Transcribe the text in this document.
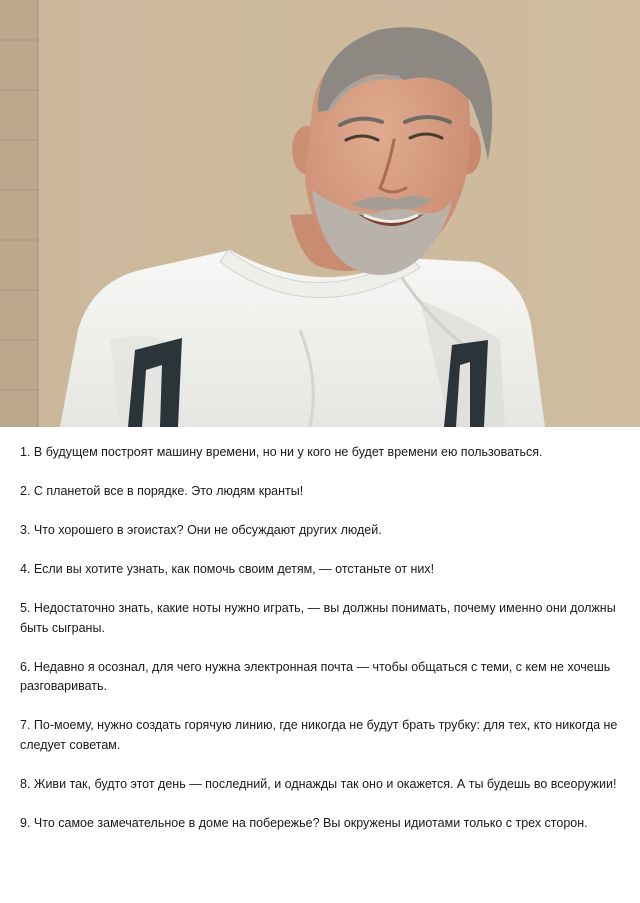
1. В будущем построят машину времени, но ни у кого не будет времени ею пользоваться.
2. С планетой все в порядке. Это людям кранты!
3. Что хорошего в эгоистах? Они не обсуждают других людей.
4. Если вы хотите узнать, как помочь своим детям, — отстаньте от них!
5. Недостаточно знать, какие ноты нужно играть, — вы должны понимать, почему именно они должны быть сыграны.
6. Недавно я осознал, для чего нужна электронная почта — чтобы общаться с теми, с кем не хочешь разговаривать.
7. По-моему, нужно создать горячую линию, где никогда не будут брать трубку: для тех, кто никогда не следует советам.
8. Живи так, будто этот день — последний, и однажды так оно и окажется. А ты будешь во всеоружии!
9. Что самое замечательное в доме на побережье? Вы окружены идиотами только с трех сторон.
